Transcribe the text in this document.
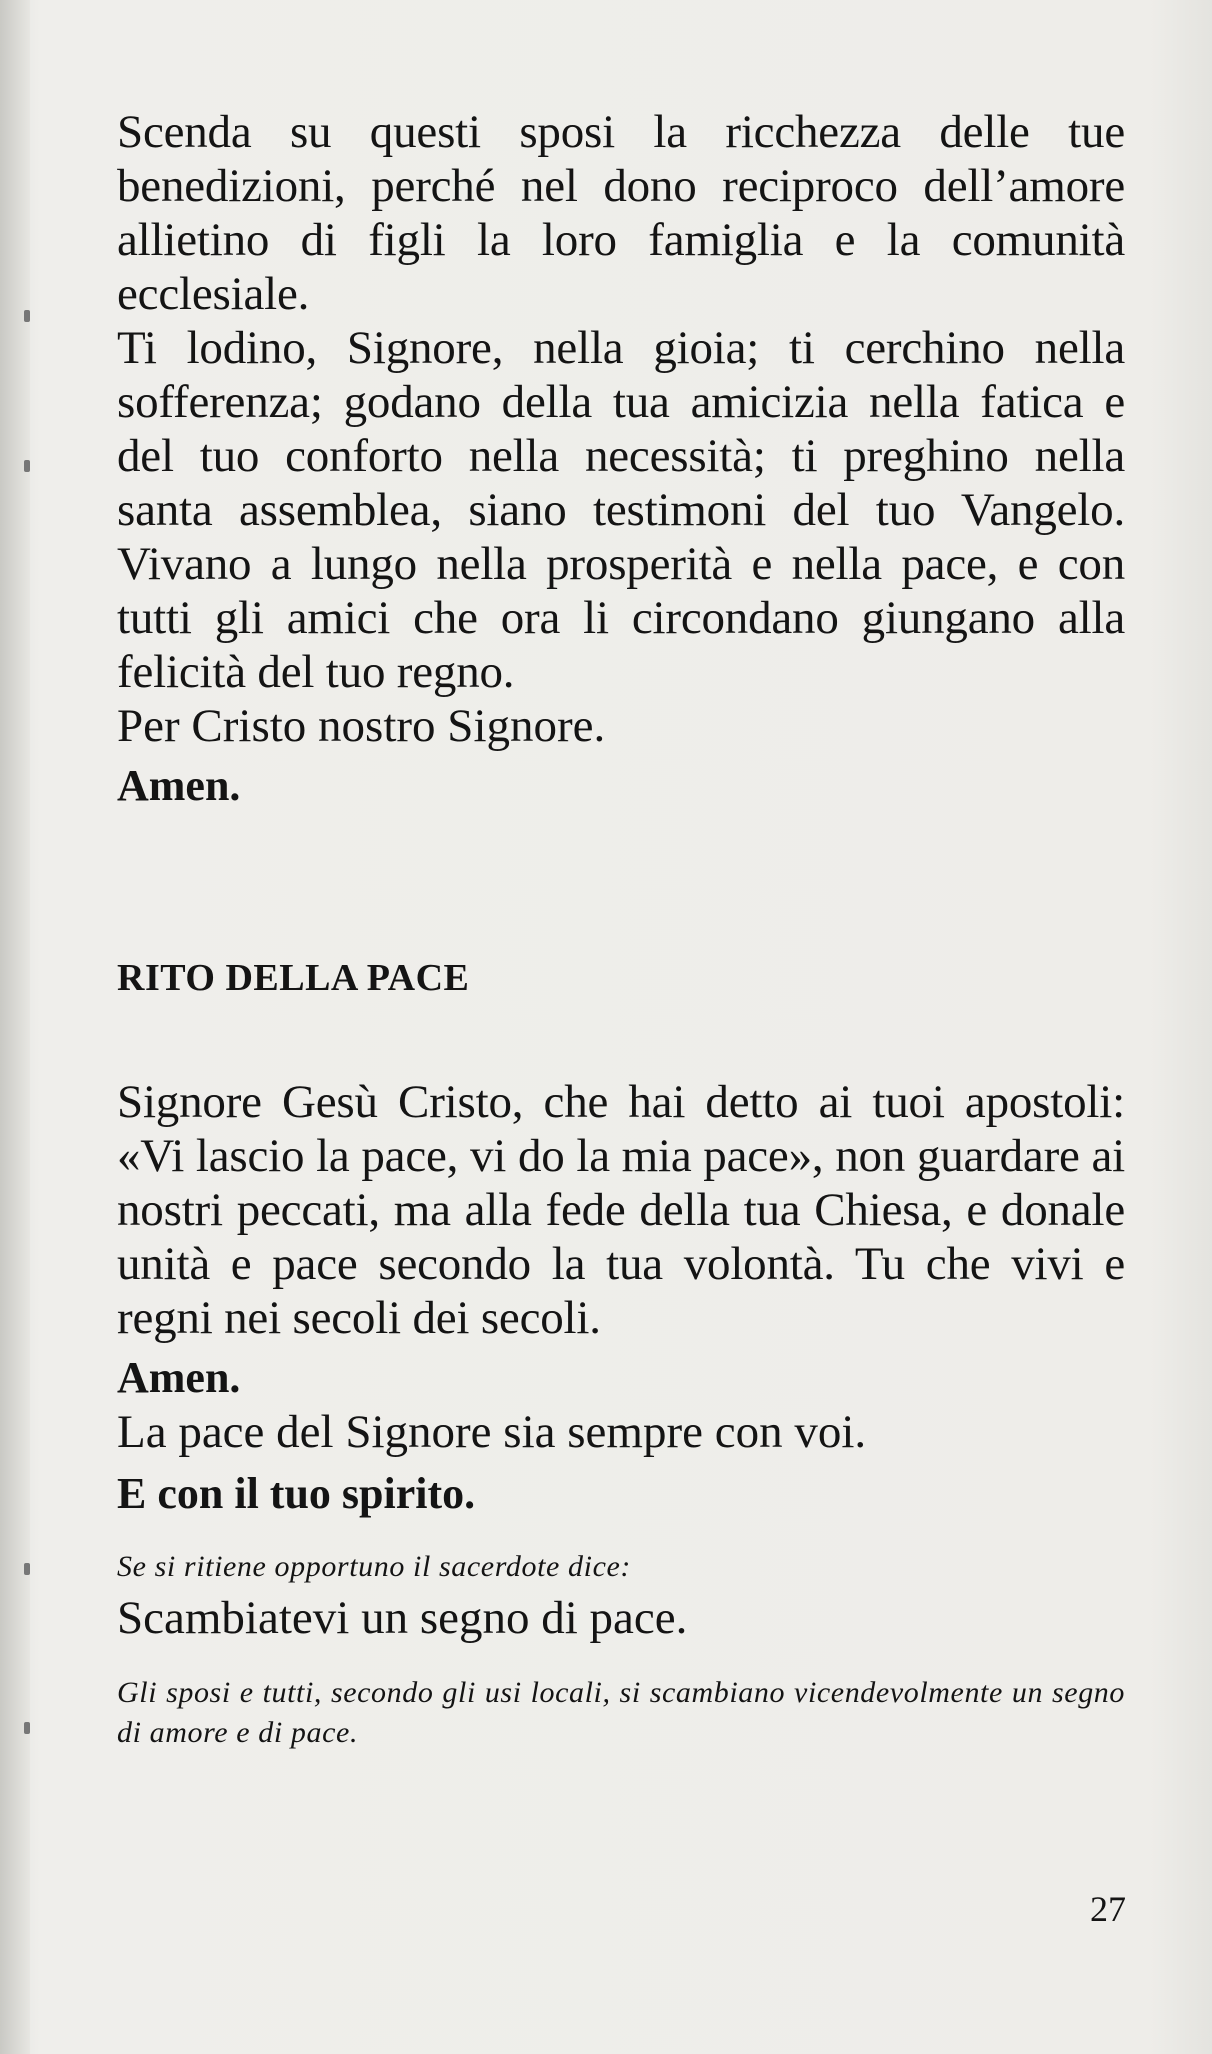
Scenda su questi sposi la ricchezza delle tue benedizioni, perché nel dono reciproco dell’amore allietino di figli la loro famiglia e la comunità ecclesiale.

Ti lodino, Signore, nella gioia; ti cerchino nella sofferenza; godano della tua amicizia nella fatica e del tuo conforto nella necessità; ti preghino nella santa assemblea, siano testimoni del tuo Vangelo. Vivano a lungo nella prosperità e nella pace, e con tutti gli amici che ora li circondano giungano alla felicità del tuo regno.

Per Cristo nostro Signore.

Amen.

RITO DELLA PACE

Signore Gesù Cristo, che hai detto ai tuoi apostoli: «Vi lascio la pace, vi do la mia pace», non guardare ai nostri peccati, ma alla fede della tua Chiesa, e donale unità e pace secondo la tua volontà. Tu che vivi e regni nei secoli dei secoli.

Amen.

La pace del Signore sia sempre con voi.

E con il tuo spirito.

Se si ritiene opportuno il sacerdote dice:

Scambiatevi un segno di pace.

Gli sposi e tutti, secondo gli usi locali, si scambiano vicendevolmente un segno di amore e di pace.

27
